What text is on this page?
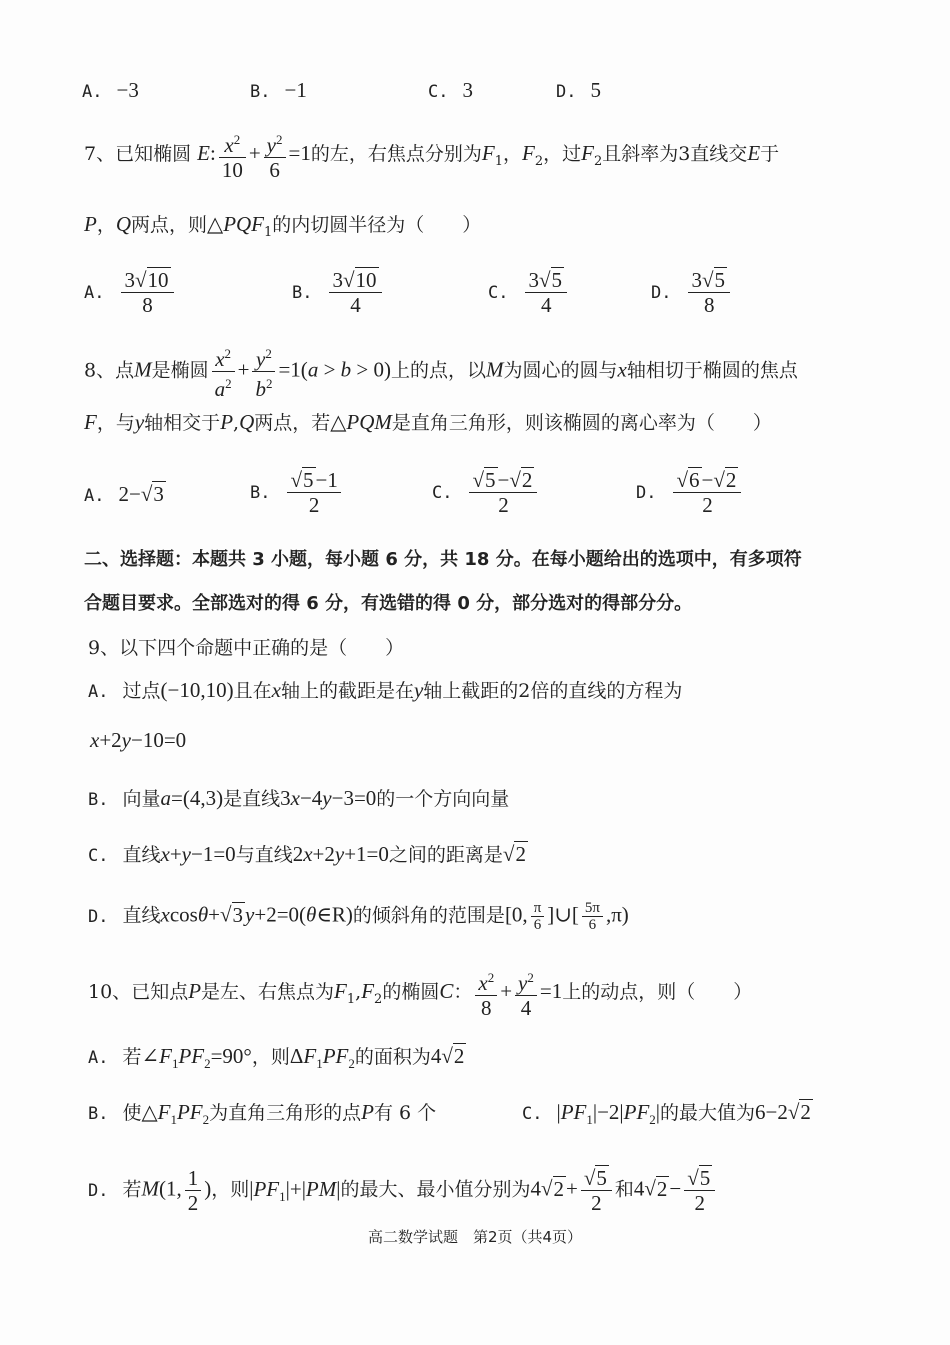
A. −3	B. −1	C. 3	D. 5
7、已知椭圆 E: $\frac{x^2}{10} + \frac{y^2}{6} =1$的左，右焦点分别为$F_1$，$F_2$，过$F_2$且斜率为3直线交E于
P，Q两点，则$\triangle PQF_1$的内切圆半径为（　　）
A. $\frac{3√10}{8}$	B. $\frac{3√10}{4}$	C. $\frac{3√5}{4}$	D. $\frac{3√5}{8}$
8、点M是椭圆 $\frac{x^2}{a^2} + \frac{y^2}{b^2} =1(a > b > 0)$上的点，以M为圆心的圆与x轴相切于椭圆的焦点
F，与y轴相交于P,Q两点，若△PQM是直角三角形，则该椭圆的离心率为（　　）
A. 2−√3	B. $\frac{√5-1}{2}$	C. $\frac{√5-√2}{2}$	D. $\frac{√6-√2}{2}$
二、选择题：本题共 3 小题，每小题 6 分，共 18 分。在每小题给出的选项中，有多项符
合题目要求。全部选对的得 6 分，有选错的得 0 分，部分选对的得部分分。
9、以下四个命题中正确的是（　　）
A. 过点(−10,10)且在x轴上的截距是在y轴上截距的2倍的直线的方程为
x+2y−10=0
B. 向量a=(4,3)是直线3x−4y−3=0的一个方向向量
C. 直线x+y−1=0与直线2x+2y+1=0之间的距离是√2
D. 直线xcosθ+√3y+2=0(θ∈R)的倾斜角的范围是[0, $\frac{\pi}{6}$ ]∪[ $\frac{5\pi}{6} ,\pi$)
10、已知点P是左、右焦点为$F_1,F_2$的椭圆C： $\frac{x^2}{8} + \frac{y^2}{4} =1$上的动点，则（　　）
A. 若$\angle F_1PF_2=90^\circ$，则$\Delta F_1PF_2$的面积为4√2
B. 使$\triangle F_1PF_2$为直角三角形的点P有 6 个	C. $|PF_1|-2|PF_2|$的最大值为6−2√2
D. 若M(1, $\frac{1}{2}$ )，则$|PF_1|+|PM|$的最大、最小值分别为$4√2+ \frac{√5}{2}$ 和$4√2- \frac{√5}{2}$
高二数学试题　第2页（共4页）
